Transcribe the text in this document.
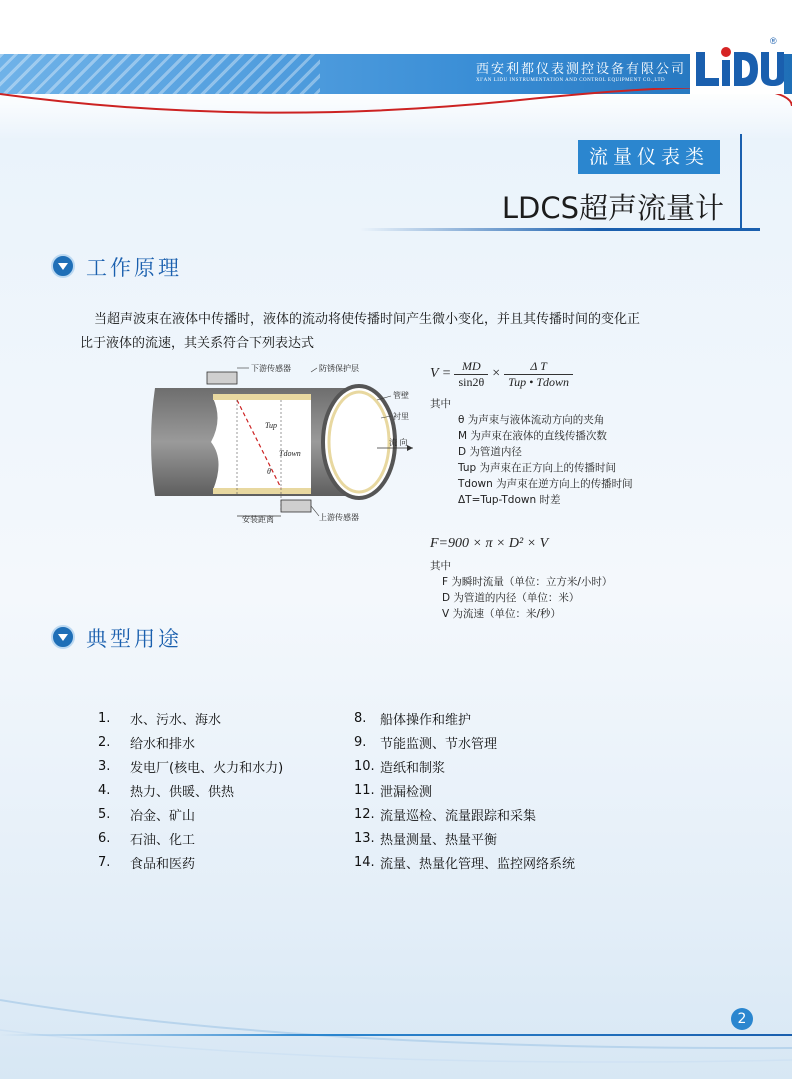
西安利都仪表测控设备有限公司
XI'AN LIDU INSTRUMENTATION AND CONTROL EQUIPMENT CO.,LTD
®
流量仪表类
LDCS超声流量计
工作原理
当超声波束在液体中传播时，液体的流动将使传播时间产生微小变化，并且其传播时间的变化正
比于液体的流速，其关系符合下列表达式
下游传感器	防锈保护层
管壁
衬里
流 向
Tup
Tdown
θ
安装距离	上游传感器
$V = \frac{MD}{\sin 2\theta} \times \frac{\text{Δ T}}{\text{Tup • Tdown}}$
其中
θ 为声束与液体流动方向的夹角
M 为声束在液体的直线传播次数
D 为管道内径
Tup 为声束在正方向上的传播时间
Tdown 为声束在逆方向上的传播时间
ΔT=Tup-Tdown 时差
F=900 × π × D² × V
其中
F 为瞬时流量（单位：立方米/小时）
D 为管道的内径（单位：米）
V 为流速（单位：米/秒）
典型用途
1.	水、污水、海水
2.	给水和排水
3.	发电厂(核电、火力和水力)
4.	热力、供暖、供热
5.	冶金、矿山
6.	石油、化工
7.	食品和医药
8.	船体操作和维护
9.	节能监测、节水管理
10. 造纸和制浆
11. 泄漏检测
12. 流量巡检、流量跟踪和采集
13. 热量测量、热量平衡
14. 流量、热量化管理、监控网络系统
2
